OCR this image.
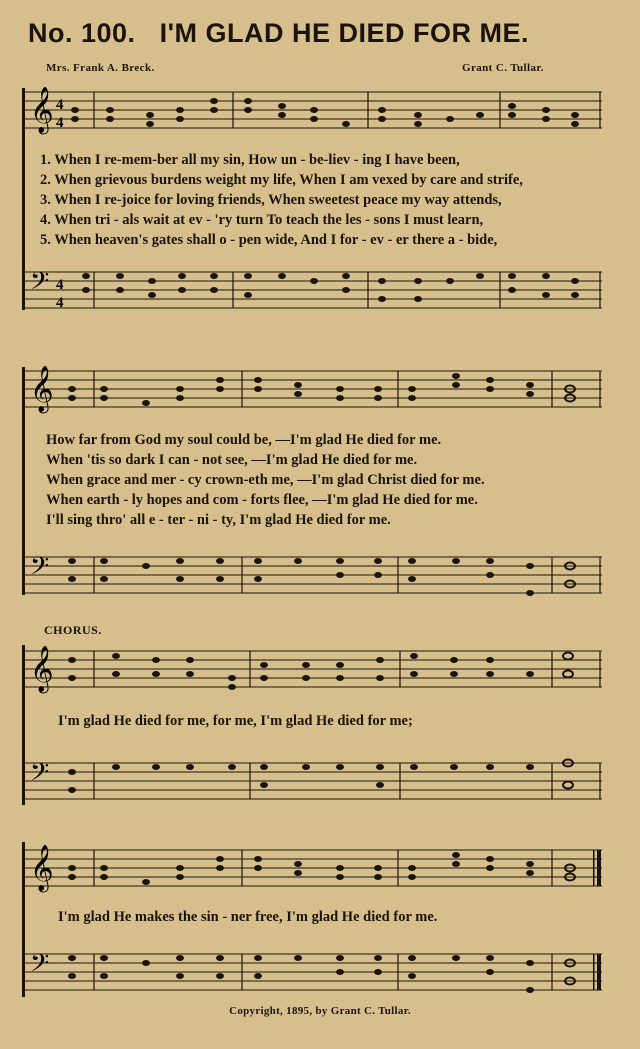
No. 100. I'M GLAD HE DIED FOR ME.
Mrs. Frank A. Breck.	Grant C. Tullar.
𝄞
𝄢
4
4
4
4
1. When I re-mem-ber all my sin, How un - be-liev - ing I have been,
2. When grievous burdens weight my life, When I am vexed by care and strife,
3. When I re-joice for loving friends, When sweetest peace my way attends,
4. When tri - als wait at ev - 'ry turn To teach the les - sons I must learn,
5. When heaven's gates shall o - pen wide, And I for - ev - er there a - bide,
𝄞
𝄢
How far from God my soul could be, —I'm glad He died for me.
When 'tis so dark I can - not see, —I'm glad He died for me.
When grace and mer - cy crown-eth me, —I'm glad Christ died for me.
When earth - ly hopes and com - forts flee, —I'm glad He died for me.
I'll sing thro' all e - ter - ni - ty, I'm glad He died for me.
CHORUS.
𝄞
𝄢
I'm glad He died for me, for me, I'm glad He died for me;
𝄞
𝄢
I'm glad He makes the sin - ner free, I'm glad He died for me.
Copyright, 1895, by Grant C. Tullar.
